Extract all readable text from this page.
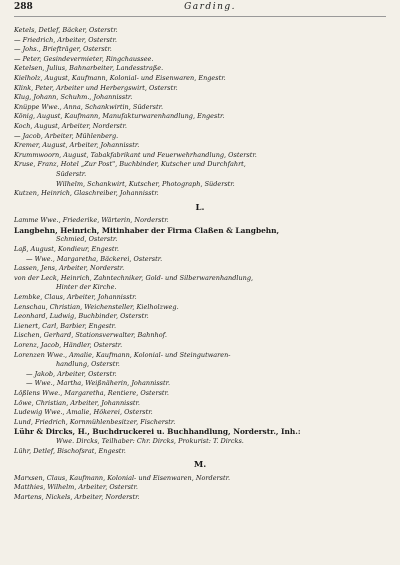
288	Garding.
Ketels, Detlef, Bäcker, Osterstr.
— Friedrich, Arbeiter, Osterstr.
— Johs., Briefträger, Osterstr.
— Peter, Gesindevermieter, Ringchaussee.
Ketelsen, Julius, Bahnarbeiter, Landesstraße.
Kielholz, August, Kaufmann, Kolonial- und Eisenwaren, Engestr.
Klink, Peter, Arbeiter und Herbergswirt, Osterstr.
Klug, Johann, Schuhm., Johannisstr.
Knüppe Wwe., Anna, Schankwirtin, Süderstr.
König, August, Kaufmann, Manufakturwarenhandlung, Engestr.
Koch, August, Arbeiter, Norderstr.
— Jacob, Arbeiter, Mühlenberg.
Kremer, August, Arbeiter, Johannisstr.
Krummwoorn, August, Tabakfabrikant und Feuerwehrhandlung, Osterstr.
Kruse, Franz, Hotel „Zur Post", Buchbinder, Kutscher und Durchfahrt,
Süderstr.
Wilhelm, Schankwirt, Kutscher, Photograph, Süderstr.
Kutzen, Heinrich, Glaschreiber, Johannisstr.
L.
Lamme Wwe., Friederike, Wärterin, Norderstr.
Langbehn, Heinrich, Mitinhaber der Firma Claßen & Langbehn,
Schmied, Osterstr.
Laß, August, Kondieur, Engestr.
— Wwe., Margaretha, Bäckerei, Osterstr.
Lassen, Jens, Arbeiter, Norderstr.
von der Leck, Heinrich, Zahntechniker, Gold- und Silberwarenhandlung,
Hinter der Kirche.
Lembke, Claus, Arbeiter, Johannisstr.
Lenschau, Christian, Weichensteller, Kielholzweg.
Leonhard, Ludwig, Buchbinder, Osterstr.
Lienert, Carl, Barbier, Engestr.
Lischen, Gerhard, Stationsverwalter, Bahnhof.
Lorenz, Jacob, Händler, Osterstr.
Lorenzen Wwe., Amalie, Kaufmann, Kolonial- und Steingutwaren-
handlung, Osterstr.
— Jakob, Arbeiter, Osterstr.
— Wwe., Martha, Weißnäherin, Johannisstr.
Lößlens Wwe., Margaretha, Rentiere, Osterstr.
Löwe, Christian, Arbeiter, Johannisstr.
Ludewig Wwe., Amalie, Hökerei, Osterstr.
Lund, Friedrich, Kornmühlenbesitzer, Fischerstr.
Lühr & Dircks, H., Buchdruckerei u. Buchhandlung, Norderstr., Inh.:
Wwe. Dircks, Teilhaber: Chr. Dircks, Prokurist: T. Dircks.
Lühr, Detlef, Bischofsrat, Engestr.
M.
Marxsen, Claus, Kaufmann, Kolonial- und Eisenwaren, Norderstr.
Matthies, Wilhelm, Arbeiter, Osterstr.
Martens, Nickels, Arbeiter, Norderstr.
